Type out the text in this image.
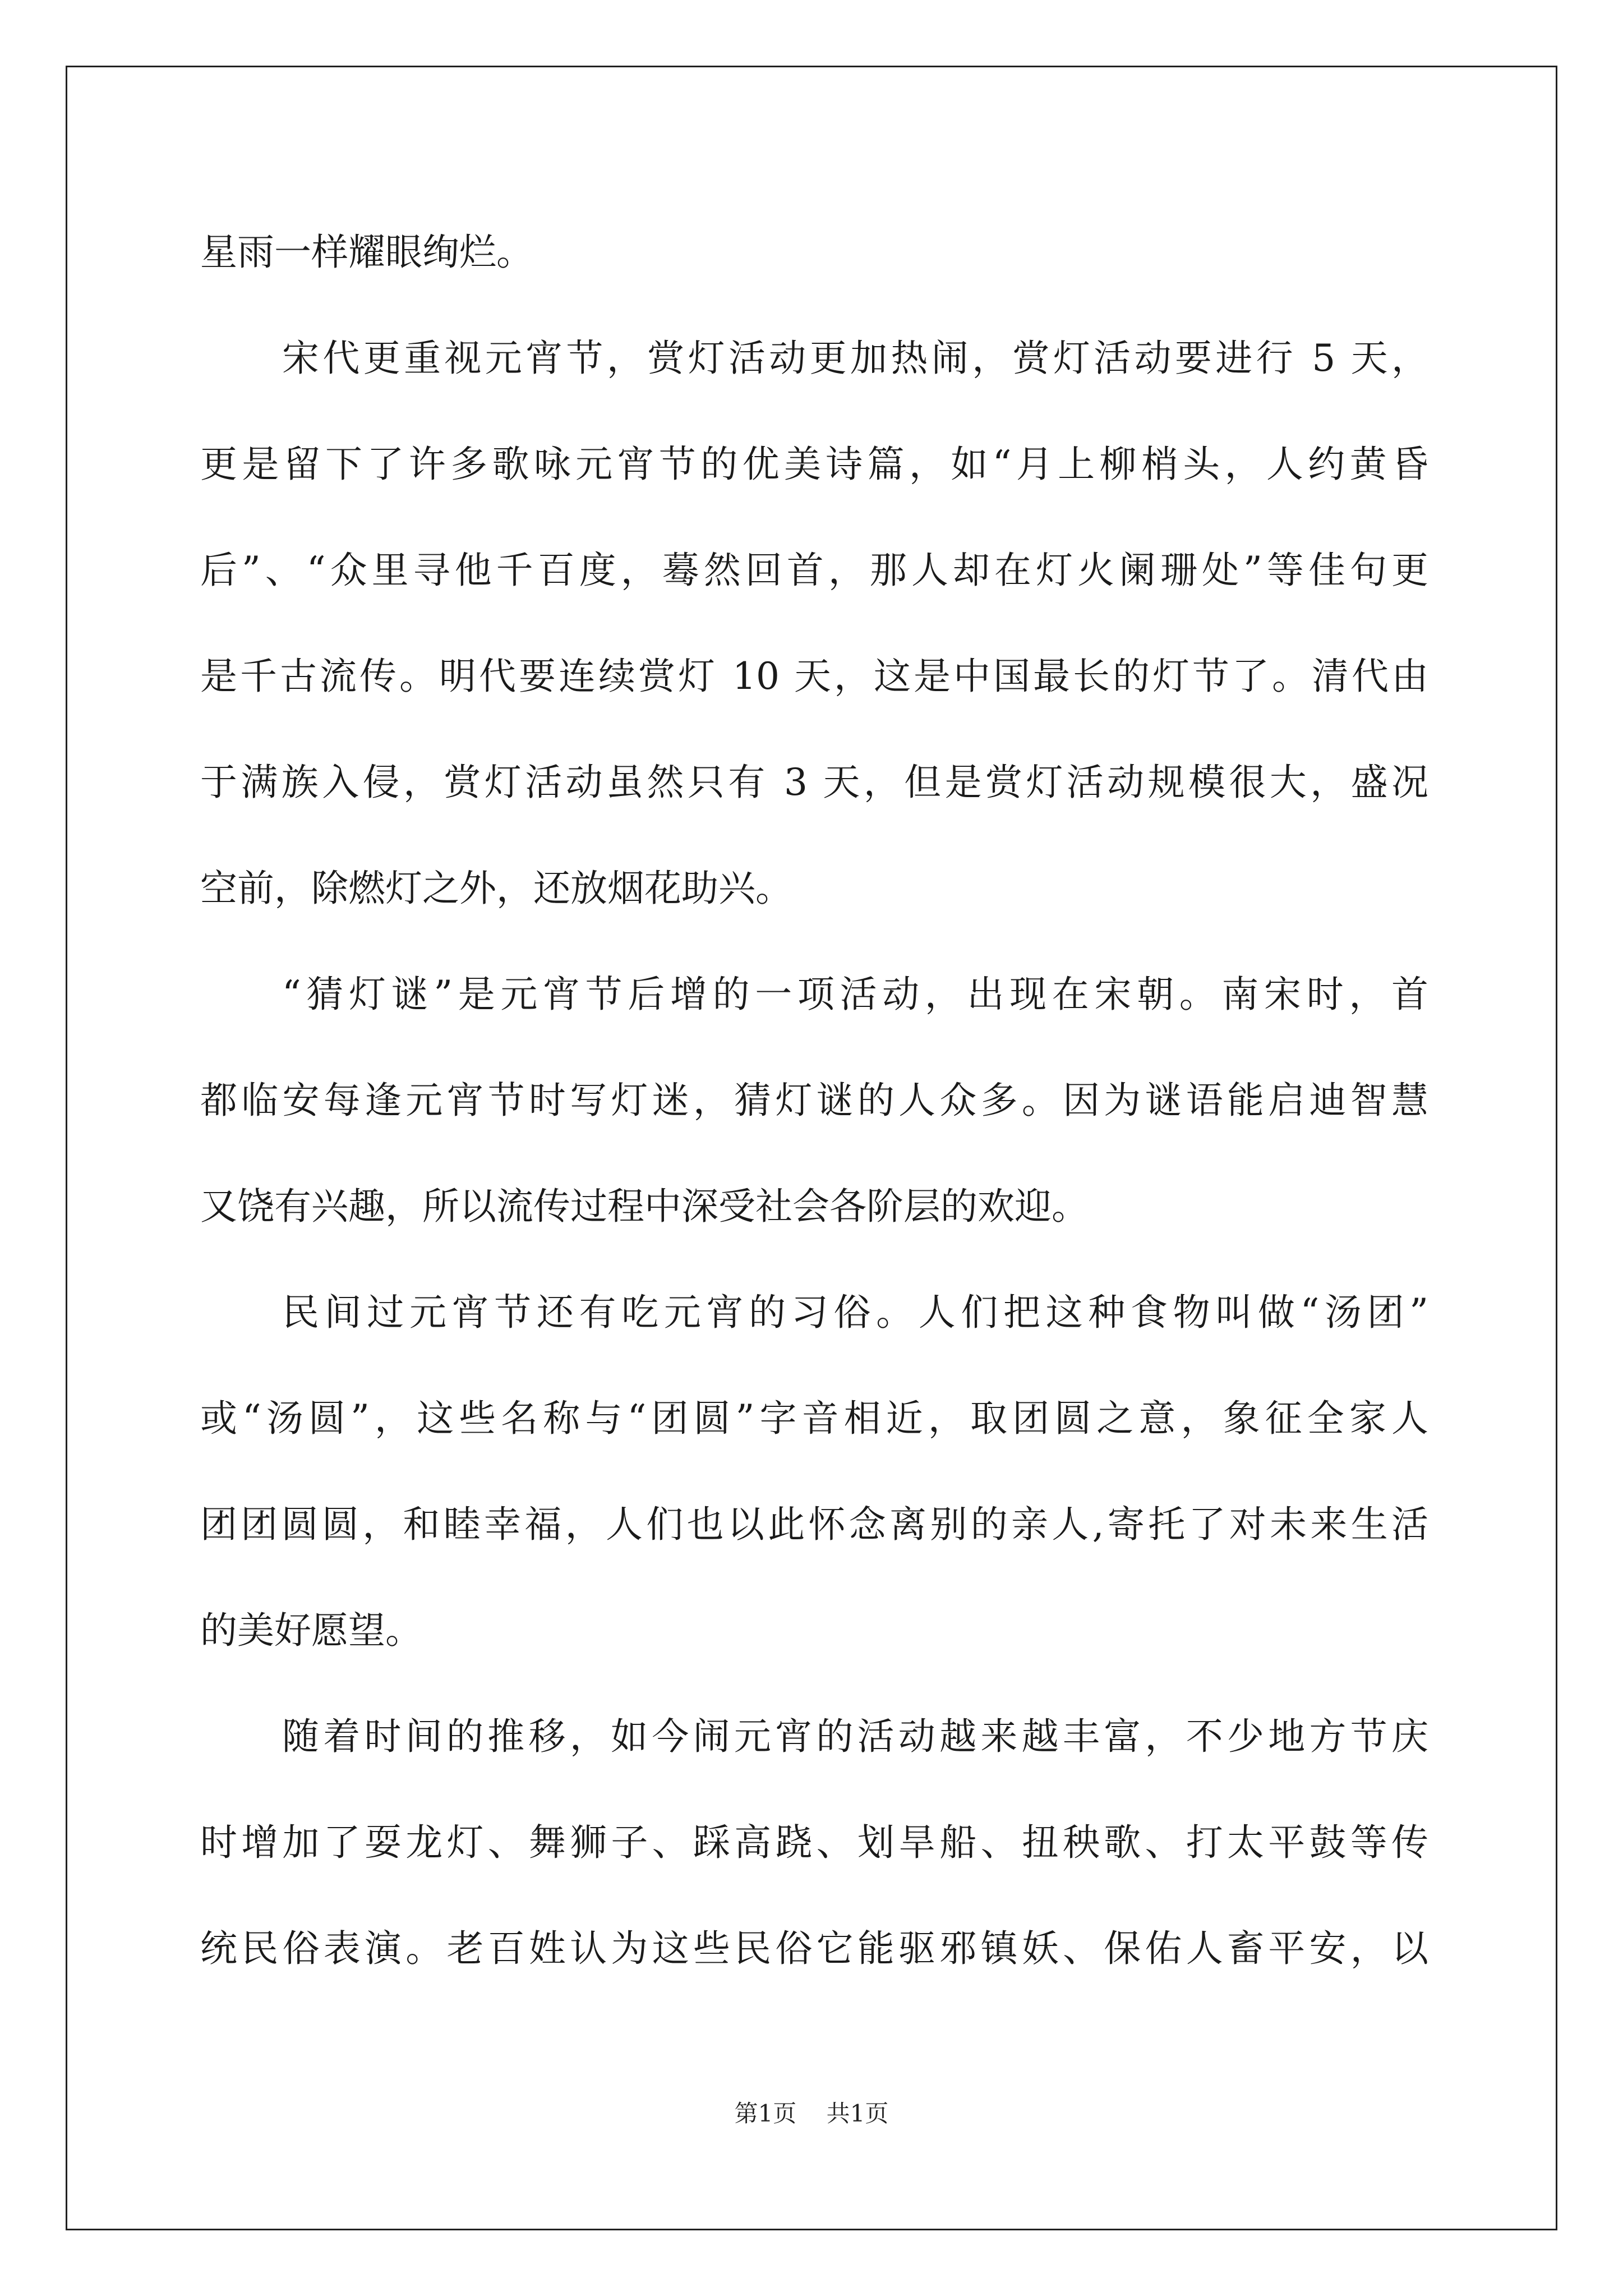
星雨一样耀眼绚烂。
宋代更重视元宵节，赏灯活动更加热闹，赏灯活动要进行 5 天，
更是留下了许多歌咏元宵节的优美诗篇，如“月上柳梢头，人约黄昏
后”、“众里寻他千百度，蓦然回首，那人却在灯火阑珊处”等佳句更
是千古流传。明代要连续赏灯 10 天，这是中国最长的灯节了。清代由
于满族入侵，赏灯活动虽然只有 3 天，但是赏灯活动规模很大，盛况
空前，除燃灯之外，还放烟花助兴。
“猜灯谜”是元宵节后增的一项活动，出现在宋朝。南宋时，首
都临安每逢元宵节时写灯迷，猜灯谜的人众多。因为谜语能启迪智慧
又饶有兴趣，所以流传过程中深受社会各阶层的欢迎。
民间过元宵节还有吃元宵的习俗。人们把这种食物叫做“汤团”
或“汤圆”，这些名称与“团圆”字音相近，取团圆之意，象征全家人
团团圆圆，和睦幸福，人们也以此怀念离别的亲人,寄托了对未来生活
的美好愿望。
随着时间的推移，如今闹元宵的活动越来越丰富，不少地方节庆
时增加了耍龙灯、舞狮子、踩高跷、划旱船、扭秧歌、打太平鼓等传
统民俗表演。老百姓认为这些民俗它能驱邪镇妖、保佑人畜平安，以
第1页 共1页
